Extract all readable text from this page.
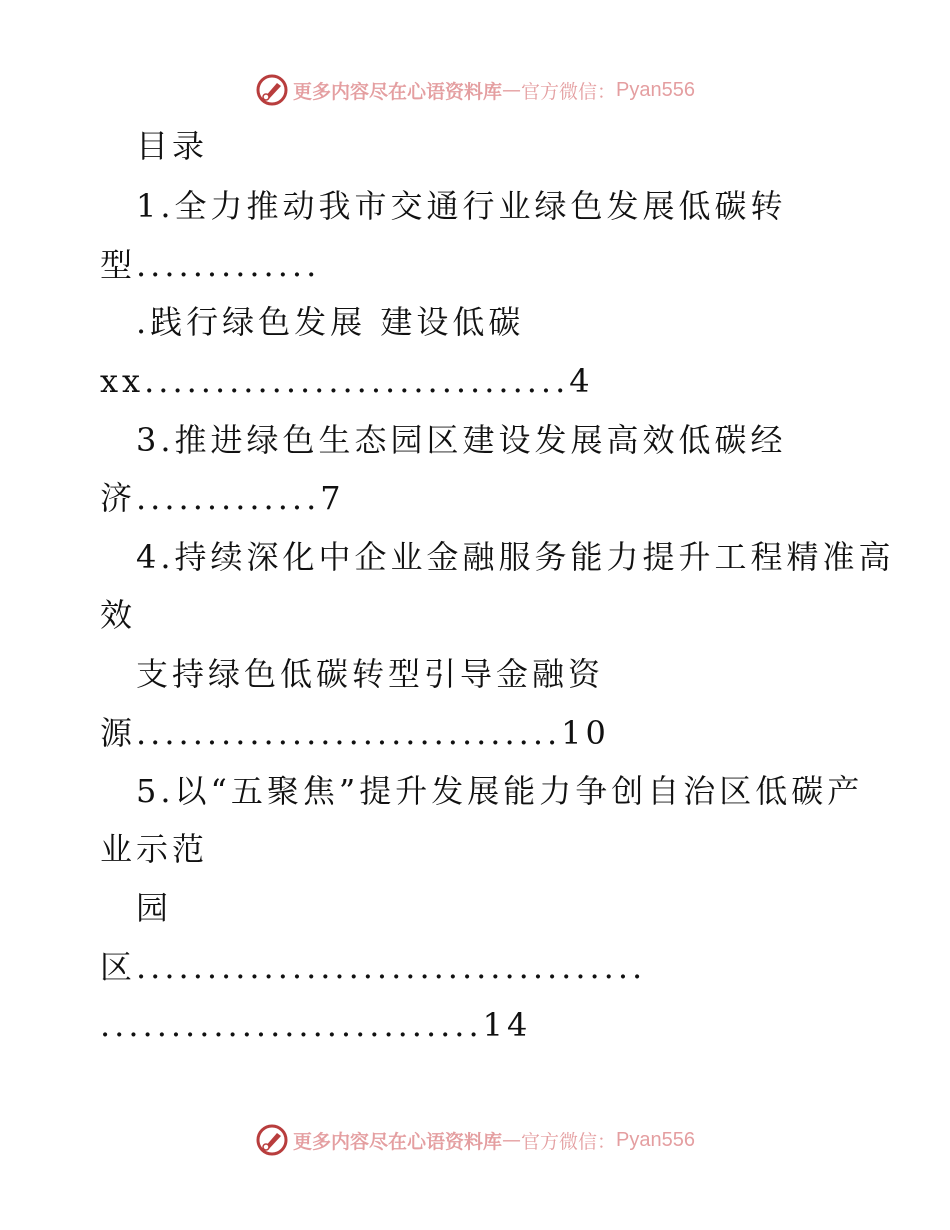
更多内容尽在心语资料库 — 官方微信： Pyan556
目录
1.全力推动我市交通行业绿色发展低碳转
型.............
.践行绿色发展 建设低碳
xx..............................4
3.推进绿色生态园区建设发展高效低碳经
济.............7
4.持续深化中企业金融服务能力提升工程精准高
效
支持绿色低碳转型引导金融资
源..............................10
5.以“五聚焦”提升发展能力争创自治区低碳产
业示范
园
区....................................
...........................14
更多内容尽在心语资料库 — 官方微信： Pyan556
